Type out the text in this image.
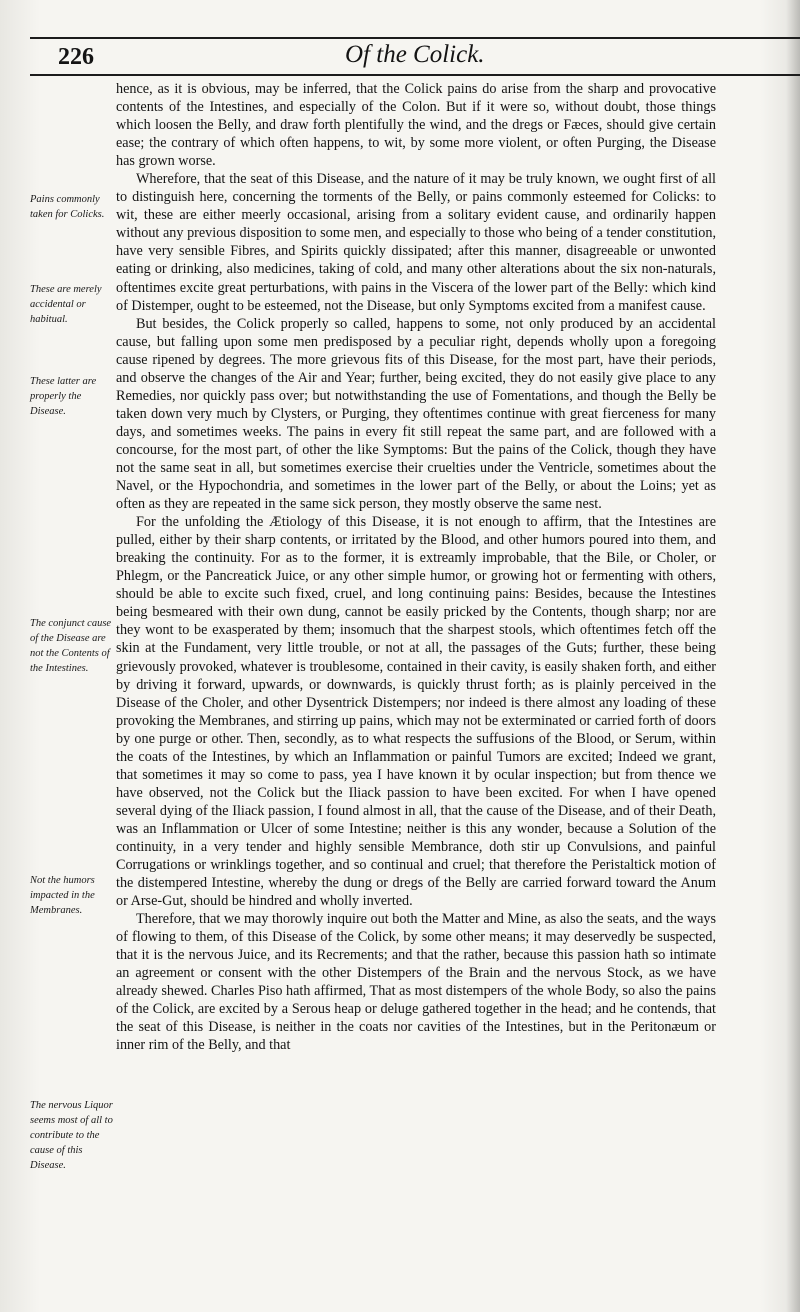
226	Of the Colick.
Pains commonly taken for Colicks.
These are merely accidental or habitual.
These latter are properly the Disease.
The conjunct cause of the Disease are not the Contents of the Intestines.
Not the humors impacted in the Membranes.
The nervous Liquor seems most of all to contribute to the cause of this Disease.

hence, as it is obvious, may be inferred, that the Colick pains do arise from the sharp and provocative contents of the Intestines, and especially of the Colon. But if it were so, without doubt, those things which loosen the Belly, and draw forth plentifully the wind, and the dregs or Fæces, should give certain ease; the contrary of which often happens, to wit, by some more violent, or often Purging, the Disease has grown worse.

Wherefore, that the seat of this Disease, and the nature of it may be truly known, we ought first of all to distinguish here, concerning the torments of the Belly, or pains commonly esteemed for Colicks: to wit, these are either meerly occasional, arising from a solitary evident cause, and ordinarily happen without any previous disposition to some men, and especially to those who being of a tender constitution, have very sensible Fibres, and Spirits quickly dissipated; after this manner, disagreeable or unwonted eating or drinking, also medicines, taking of cold, and many other alterations about the six non-naturals, oftentimes excite great perturbations, with pains in the Viscera of the lower part of the Belly: which kind of Distemper, ought to be esteemed, not the Disease, but only Symptoms excited from a manifest cause.

But besides, the Colick properly so called, happens to some, not only produced by an accidental cause, but falling upon some men predisposed by a peculiar right, depends wholly upon a foregoing cause ripened by degrees. The more grievous fits of this Disease, for the most part, have their periods, and observe the changes of the Air and Year; further, being excited, they do not easily give place to any Remedies, nor quickly pass over; but notwithstanding the use of Fomentations, and though the Belly be taken down very much by Clysters, or Purging, they oftentimes continue with great fierceness for many days, and sometimes weeks. The pains in every fit still repeat the same part, and are followed with a concourse, for the most part, of other the like Symptoms: But the pains of the Colick, though they have not the same seat in all, but sometimes exercise their cruelties under the Ventricle, sometimes about the Navel, or the Hypochondria, and sometimes in the lower part of the Belly, or about the Loins; yet as often as they are repeated in the same sick person, they mostly observe the same nest.

For the unfolding the Ætiology of this Disease, it is not enough to affirm, that the Intestines are pulled, either by their sharp contents, or irritated by the Blood, and other humors poured into them, and breaking the continuity. For as to the former, it is extreamly improbable, that the Bile, or Choler, or Phlegm, or the Pancreatick Juice, or any other simple humor, or growing hot or fermenting with others, should be able to excite such fixed, cruel, and long continuing pains: Besides, because the Intestines being besmeared with their own dung, cannot be easily pricked by the Contents, though sharp; nor are they wont to be exasperated by them; insomuch that the sharpest stools, which oftentimes fetch off the skin at the Fundament, very little trouble, or not at all, the passages of the Guts; further, these being grievously provoked, whatever is troublesome, contained in their cavity, is easily shaken forth, and either by driving it forward, upwards, or downwards, is quickly thrust forth; as is plainly perceived in the Disease of the Choler, and other Dysentrick Distempers; nor indeed is there almost any loading of these provoking the Membranes, and stirring up pains, which may not be exterminated or carried forth of doors by one purge or other. Then, secondly, as to what respects the suffusions of the Blood, or Serum, within the coats of the Intestines, by which an Inflammation or painful Tumors are excited; Indeed we grant, that sometimes it may so come to pass, yea I have known it by ocular inspection; but from thence we have observed, not the Colick but the Iliack passion to have been excited. For when I have opened several dying of the Iliack passion, I found almost in all, that the cause of the Disease, and of their Death, was an Inflammation or Ulcer of some Intestine; neither is this any wonder, because a Solution of the continuity, in a very tender and highly sensible Membrance, doth stir up Convulsions, and painful Corrugations or wrinklings together, and so continual and cruel; that therefore the Peristaltick motion of the distempered Intestine, whereby the dung or dregs of the Belly are carried forward toward the Anum or Arse-Gut, should be hindred and wholly inverted.

Therefore, that we may thorowly inquire out both the Matter and Mine, as also the seats, and the ways of flowing to them, of this Disease of the Colick, by some other means; it may deservedly be suspected, that it is the nervous Juice, and its Recrements; and that the rather, because this passion hath so intimate an agreement or consent with the other Distempers of the Brain and the nervous Stock, as we have already shewed. Charles Piso hath affirmed, That as most distempers of the whole Body, so also the pains of the Colick, are excited by a Serous heap or deluge gathered together in the head; and he contends, that the seat of this Disease, is neither in the coats nor cavities of the Intestines, but in the Peritonæum or inner rim of the Belly, and that
